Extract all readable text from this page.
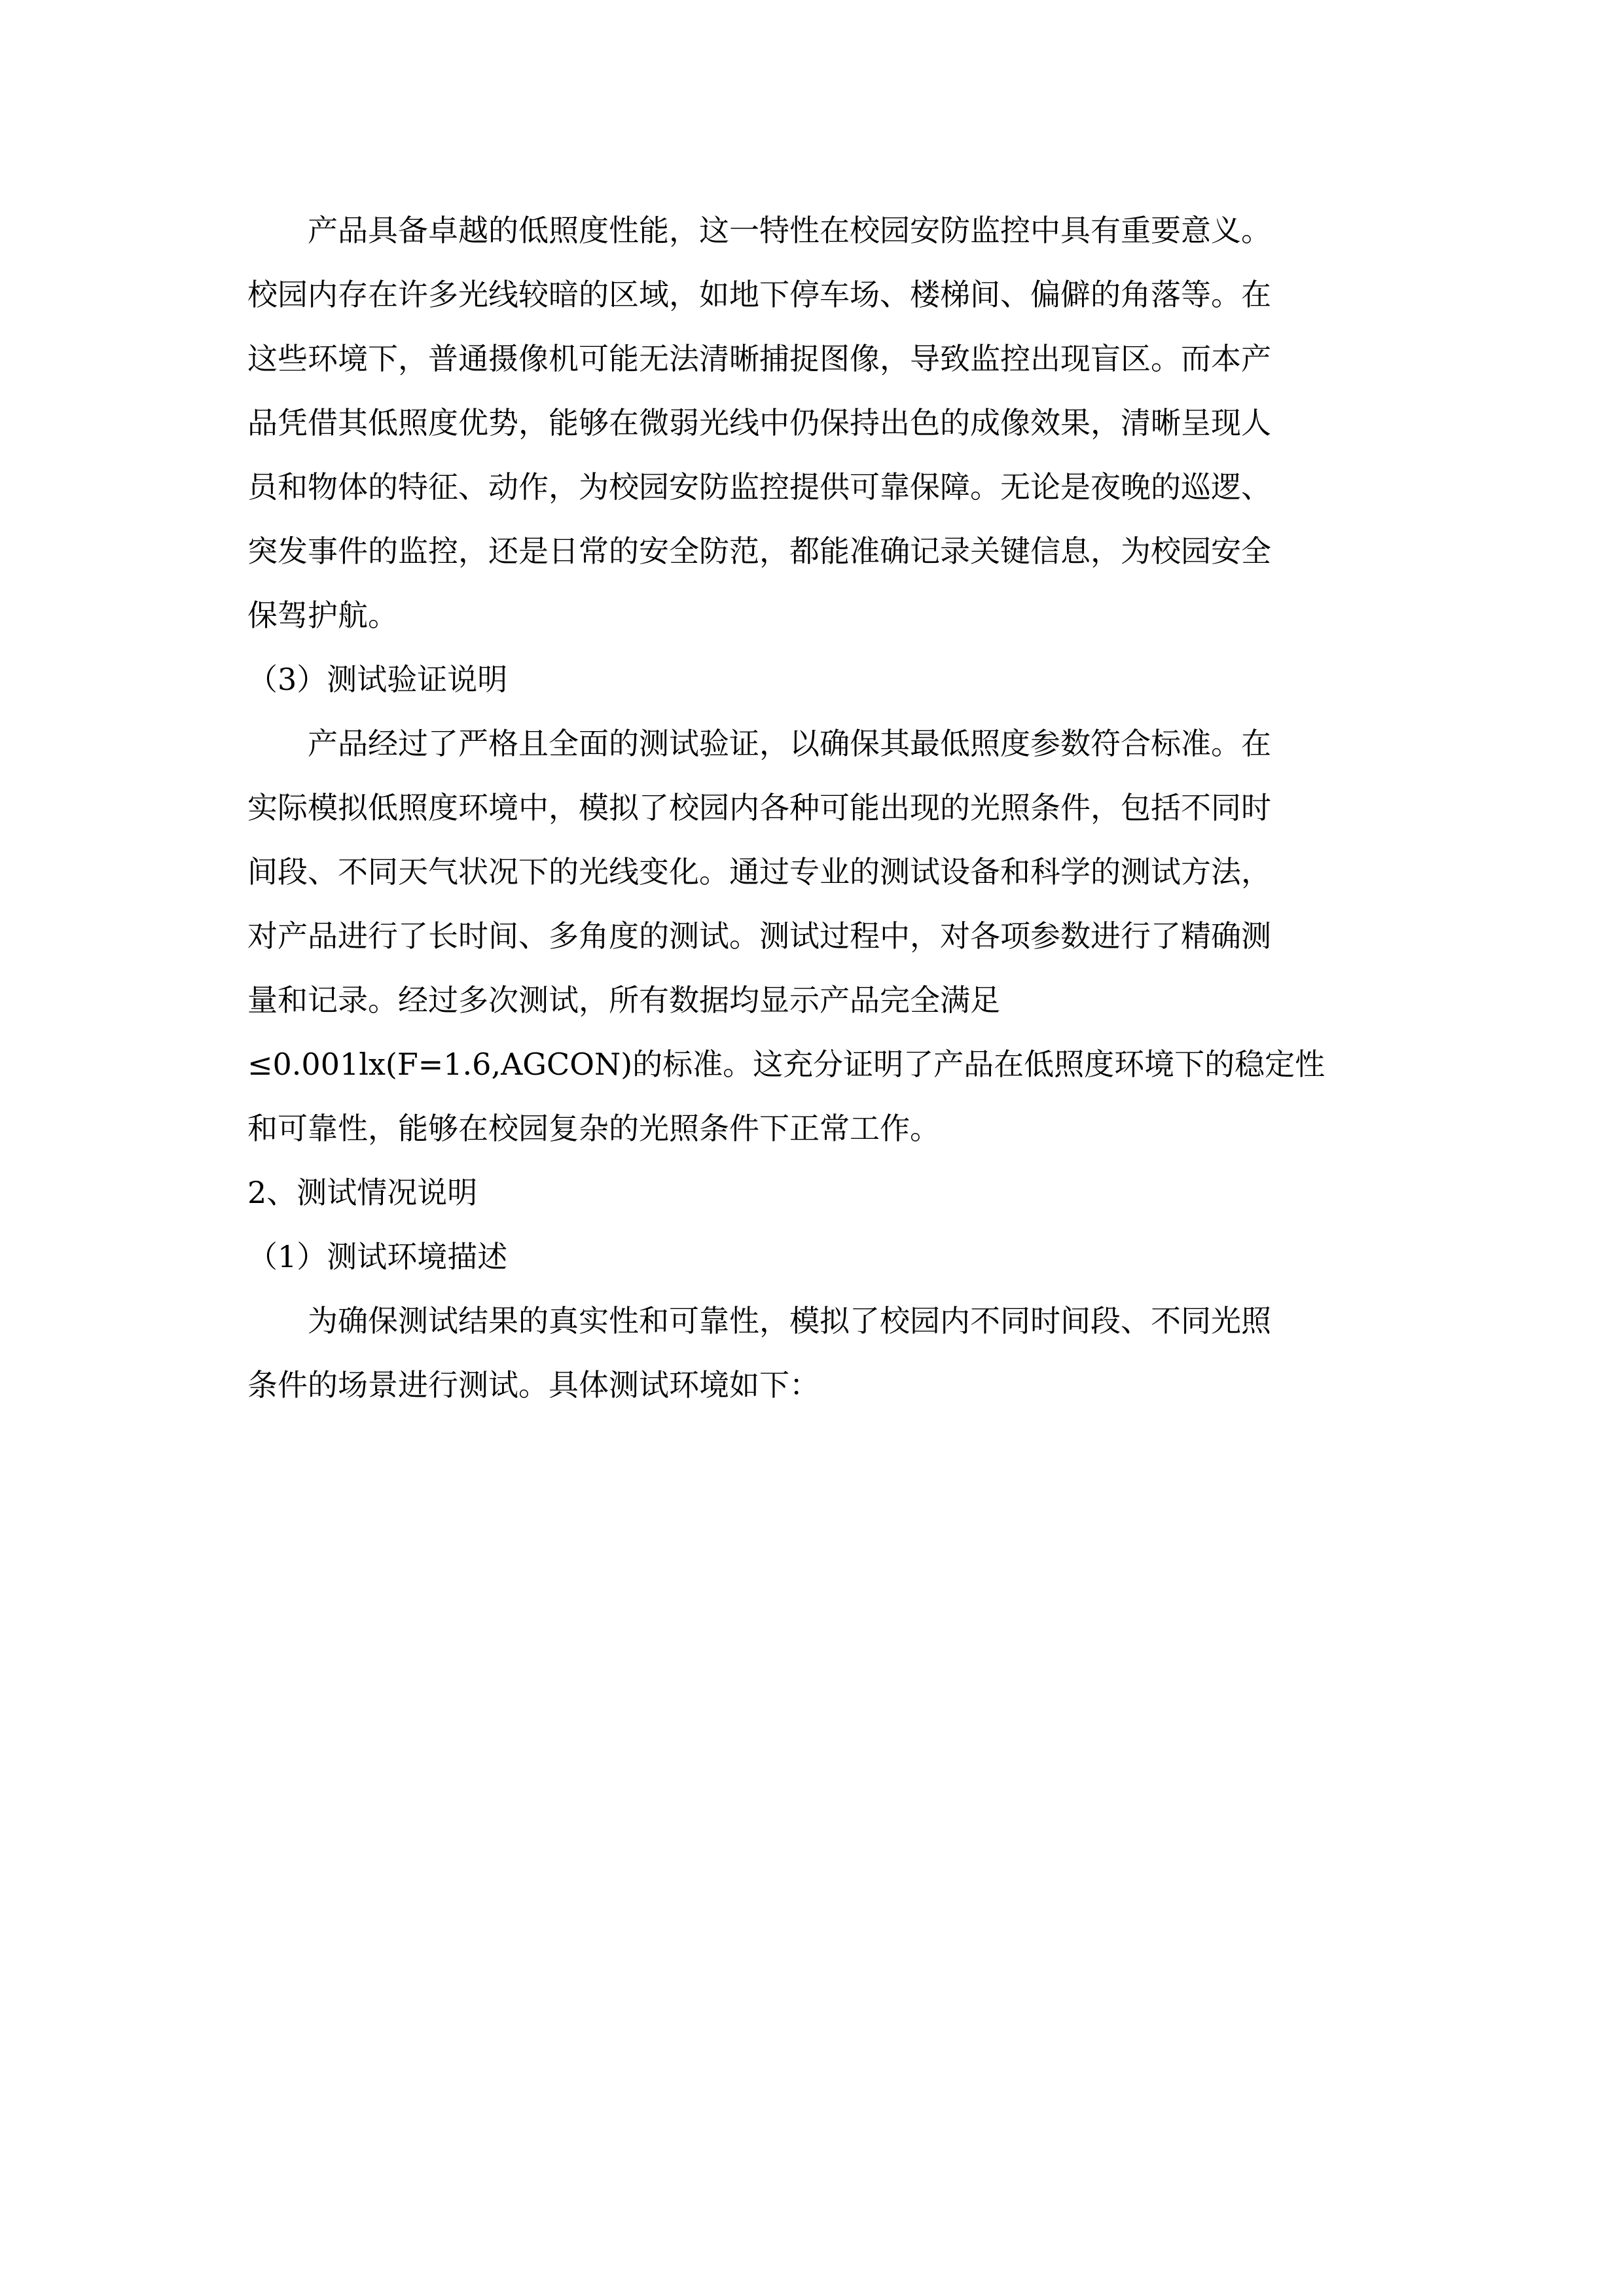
产品具备卓越的低照度性能，这一特性在校园安防监控中具有重要意义。
校园内存在许多光线较暗的区域，如地下停车场、楼梯间、偏僻的角落等。在
这些环境下，普通摄像机可能无法清晰捕捉图像，导致监控出现盲区。而本产
品凭借其低照度优势，能够在微弱光线中仍保持出色的成像效果，清晰呈现人
员和物体的特征、动作，为校园安防监控提供可靠保障。无论是夜晚的巡逻、
突发事件的监控，还是日常的安全防范，都能准确记录关键信息，为校园安全
保驾护航。
（3）测试验证说明
产品经过了严格且全面的测试验证，以确保其最低照度参数符合标准。在
实际模拟低照度环境中，模拟了校园内各种可能出现的光照条件，包括不同时
间段、不同天气状况下的光线变化。通过专业的测试设备和科学的测试方法，
对产品进行了长时间、多角度的测试。测试过程中，对各项参数进行了精确测
量和记录。经过多次测试，所有数据均显示产品完全满足
≤0.001lx(F=1.6,AGCON)的标准。这充分证明了产品在低照度环境下的稳定性
和可靠性，能够在校园复杂的光照条件下正常工作。
2、测试情况说明
（1）测试环境描述
为确保测试结果的真实性和可靠性，模拟了校园内不同时间段、不同光照
条件的场景进行测试。具体测试环境如下：
